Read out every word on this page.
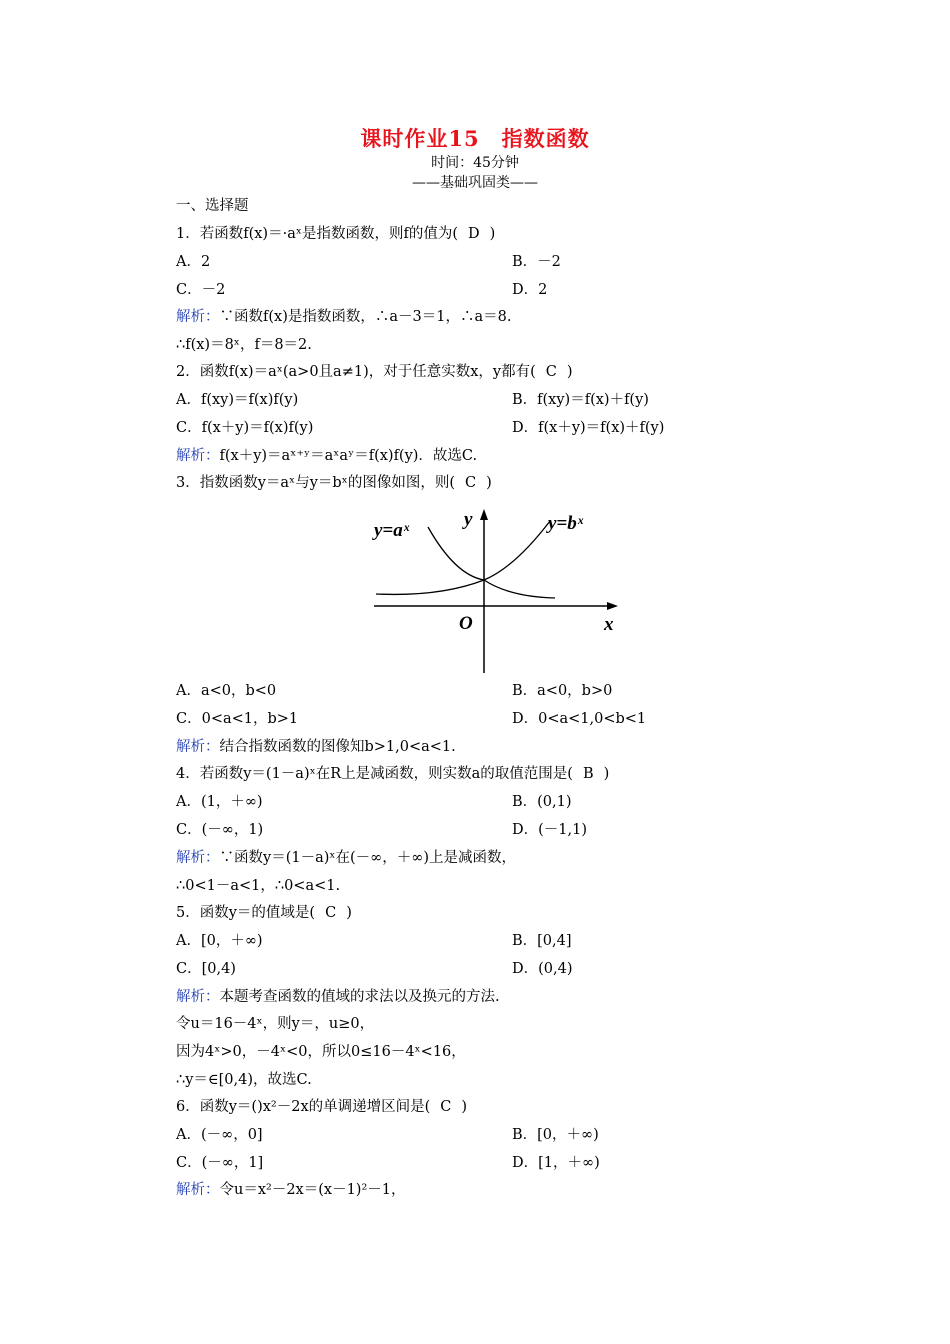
课时作业15　指数函数
时间：45分钟
——基础巩固类——
一、选择题
1．若函数f(x)＝·aˣ是指数函数，则f的值为( D )
A．2	B．－2
C．－2	D．2
解析：∵函数f(x)是指数函数，∴a－3＝1，∴a＝8.
∴f(x)＝8ˣ，f＝8＝2.
2．函数f(x)＝aˣ(a>0且a≠1)，对于任意实数x，y都有( C )
A．f(xy)＝f(x)f(y)	B．f(xy)＝f(x)＋f(y)
C．f(x＋y)＝f(x)f(y)	D．f(x＋y)＝f(x)＋f(y)
解析：f(x＋y)＝aˣ⁺ʸ＝aˣaʸ＝f(x)f(y)．故选C.
3．指数函数y＝aˣ与y＝bˣ的图像如图，则( C )
y=aˣ	y=bˣ
y
x
O
A．a<0，b<0	B．a<0，b>0
C．0<a<1，b>1	D．0<a<1,0<b<1
解析：结合指数函数的图像知b>1,0<a<1.
4．若函数y＝(1－a)ˣ在R上是减函数，则实数a的取值范围是( B )
A．(1，＋∞)	B．(0,1)
C．(－∞，1)	D．(－1,1)
解析：∵函数y＝(1－a)ˣ在(－∞，＋∞)上是减函数，
∴0<1－a<1，∴0<a<1.
5．函数y＝的值域是( C )
A．[0，＋∞)	B．[0,4]
C．[0,4)	D．(0,4)
解析：本题考查函数的值域的求法以及换元的方法.
令u＝16－4ˣ，则y＝，u≥0，
因为4ˣ>0，－4ˣ<0，所以0≤16－4ˣ<16，
∴y＝∈[0,4)，故选C.
6．函数y＝()x²－2x的单调递增区间是( C )
A．(－∞，0]	B．[0，＋∞)
C．(－∞，1]	D．[1，＋∞)
解析：令u＝x²－2x＝(x－1)²－1，
